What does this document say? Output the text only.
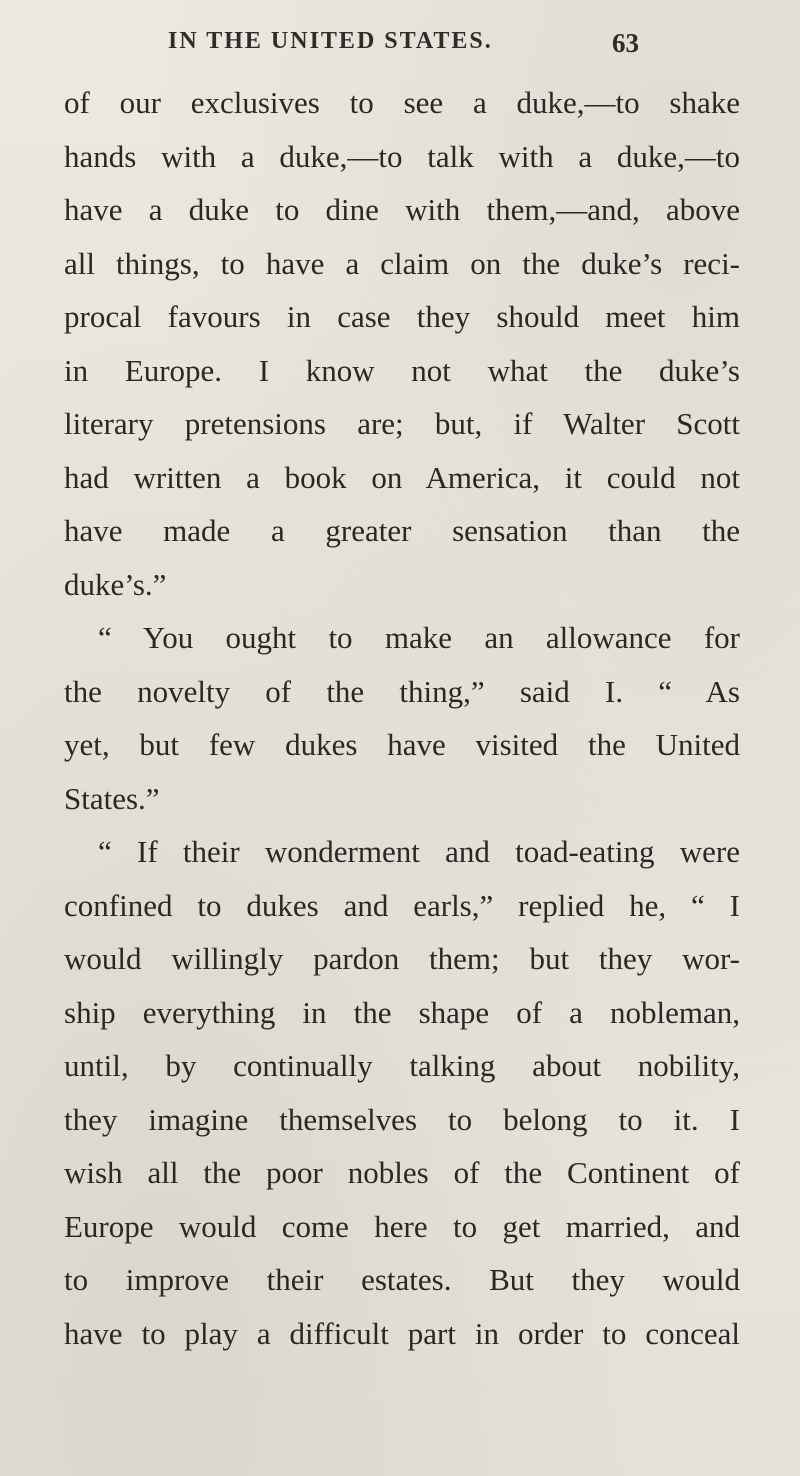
IN THE UNITED STATES.	63
of our exclusives to see a duke,—to shake
hands with a duke,—to talk with a duke,—to
have a duke to dine with them,—and, above
all things, to have a claim on the duke’s reci-
procal favours in case they should meet him
in Europe. I know not what the duke’s
literary pretensions are; but, if Walter Scott
had written a book on America, it could not
have made a greater sensation than the
duke’s.”
“ You ought to make an allowance for
the novelty of the thing,” said I. “ As
yet, but few dukes have visited the United
States.”
“ If their wonderment and toad-eating were
confined to dukes and earls,” replied he, “ I
would willingly pardon them; but they wor-
ship everything in the shape of a nobleman,
until, by continually talking about nobility,
they imagine themselves to belong to it. I
wish all the poor nobles of the Continent of
Europe would come here to get married, and
to improve their estates. But they would
have to play a difficult part in order to conceal
